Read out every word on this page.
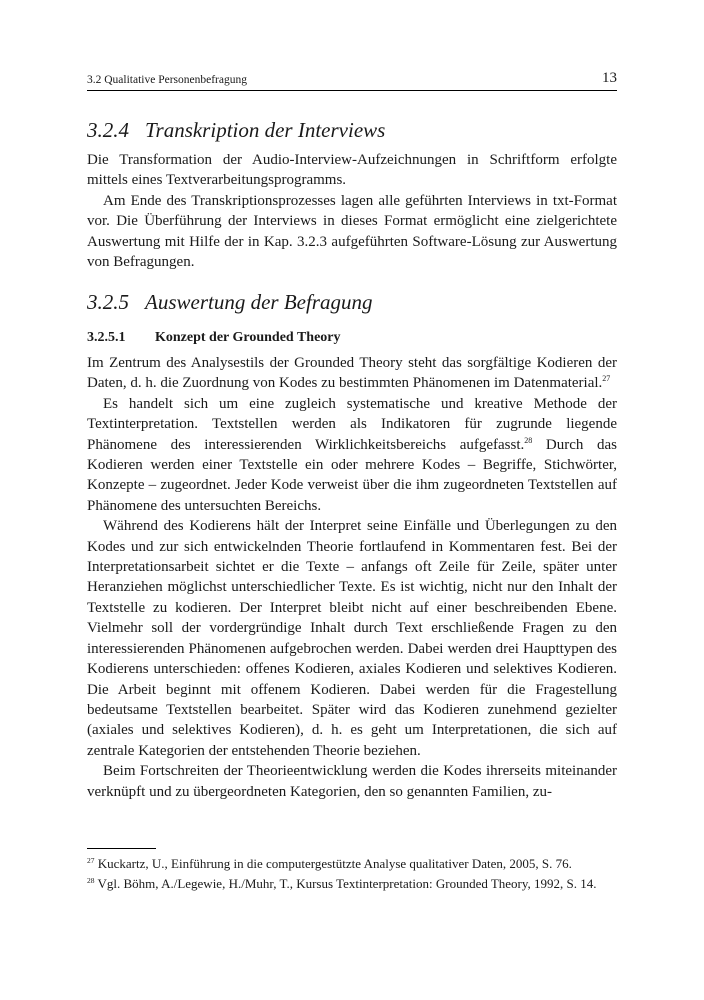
3.2 Qualitative Personenbefragung	13
3.2.4 Transkription der Interviews

Die Transformation der Audio-Interview-Aufzeichnungen in Schriftform erfolgte mittels eines Textverarbeitungsprogramms.

Am Ende des Transkriptionsprozesses lagen alle geführten Interviews in txt-Format vor. Die Überführung der Interviews in dieses Format ermöglicht eine zielgerichtete Auswertung mit Hilfe der in Kap. 3.2.3 aufgeführten Software-Lösung zur Auswertung von Befragungen.

3.2.5 Auswertung der Befragung
3.2.5.1 Konzept der Grounded Theory

Im Zentrum des Analysestils der Grounded Theory steht das sorgfältige Kodieren der Daten, d. h. die Zuordnung von Kodes zu bestimmten Phänomenen im Datenmaterial.$^{27}$

Es handelt sich um eine zugleich systematische und kreative Methode der Textinterpretation. Textstellen werden als Indikatoren für zugrunde liegende Phänomene des interessierenden Wirklichkeitsbereichs aufgefasst.$^{28}$ Durch das Kodieren werden einer Textstelle ein oder mehrere Kodes – Begriffe, Stichwörter, Konzepte – zugeordnet. Jeder Kode verweist über die ihm zugeordneten Textstellen auf Phänomene des untersuchten Bereichs.

Während des Kodierens hält der Interpret seine Einfälle und Überlegungen zu den Kodes und zur sich entwickelnden Theorie fortlaufend in Kommentaren fest. Bei der Interpretationsarbeit sichtet er die Texte – anfangs oft Zeile für Zeile, später unter Heranziehen möglichst unterschiedlicher Texte. Es ist wichtig, nicht nur den Inhalt der Textstelle zu kodieren. Der Interpret bleibt nicht auf einer beschreibenden Ebene. Vielmehr soll der vordergründige Inhalt durch Text erschließende Fragen zu den interessierenden Phänomenen aufgebrochen werden. Dabei werden drei Haupttypen des Kodierens unterschieden: offenes Kodieren, axiales Kodieren und selektives Kodieren. Die Arbeit beginnt mit offenem Kodieren. Dabei werden für die Fragestellung bedeutsame Textstellen bearbeitet. Später wird das Kodieren zunehmend gezielter (axiales und selektives Kodieren), d. h. es geht um Interpretationen, die sich auf zentrale Kategorien der entstehenden Theorie beziehen.

Beim Fortschreiten der Theorieentwicklung werden die Kodes ihrerseits miteinander verknüpft und zu übergeordneten Kategorien, den so genannten Familien, zu-

$^{27}$ Kuckartz, U., Einführung in die computergestützte Analyse qualitativer Daten, 2005, S. 76.

$^{28}$ Vgl. Böhm, A./Legewie, H./Muhr, T., Kursus Textinterpretation: Grounded Theory, 1992, S. 14.
